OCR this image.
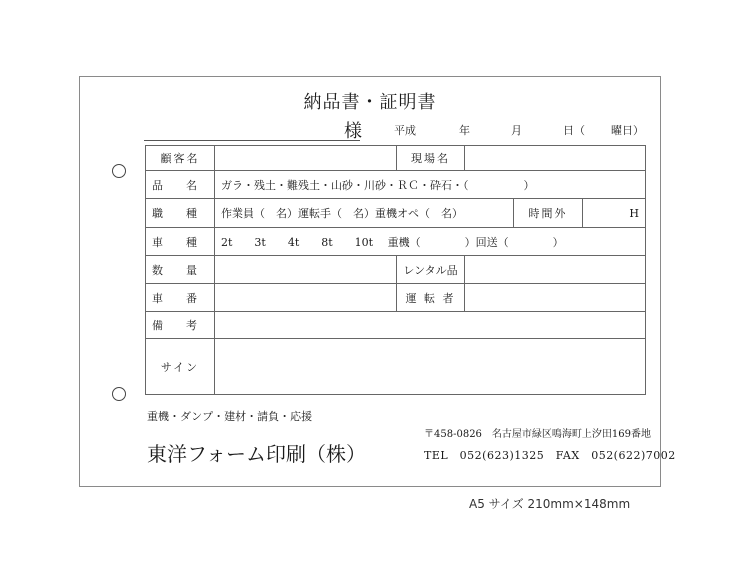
納品書・証明書
様	平成	年	月	日（ 曜日）
顧客名		現場名			
品　名	ガラ・残土・難残土・山砂・川砂・ＲＣ・砕石・（　　　　　）				
職　種	作業員（　名）運転手（　名）重機オペ（　名）			時間外	H
車　種	2t　　3t　　4t　　8t　　10t　 重機（　　　　）回送（　　　　）				
数　量		レンタル品			
車　番		運 転 者			
備　考					
サイン					
重機・ダンプ・建材・請負・応援
東洋フォーム印刷（株）
〒458-0826　名古屋市緑区鳴海町上汐田169番地
TEL　052(623)1325　FAX　052(622)7002
A5 サイズ 210mm×148mm
